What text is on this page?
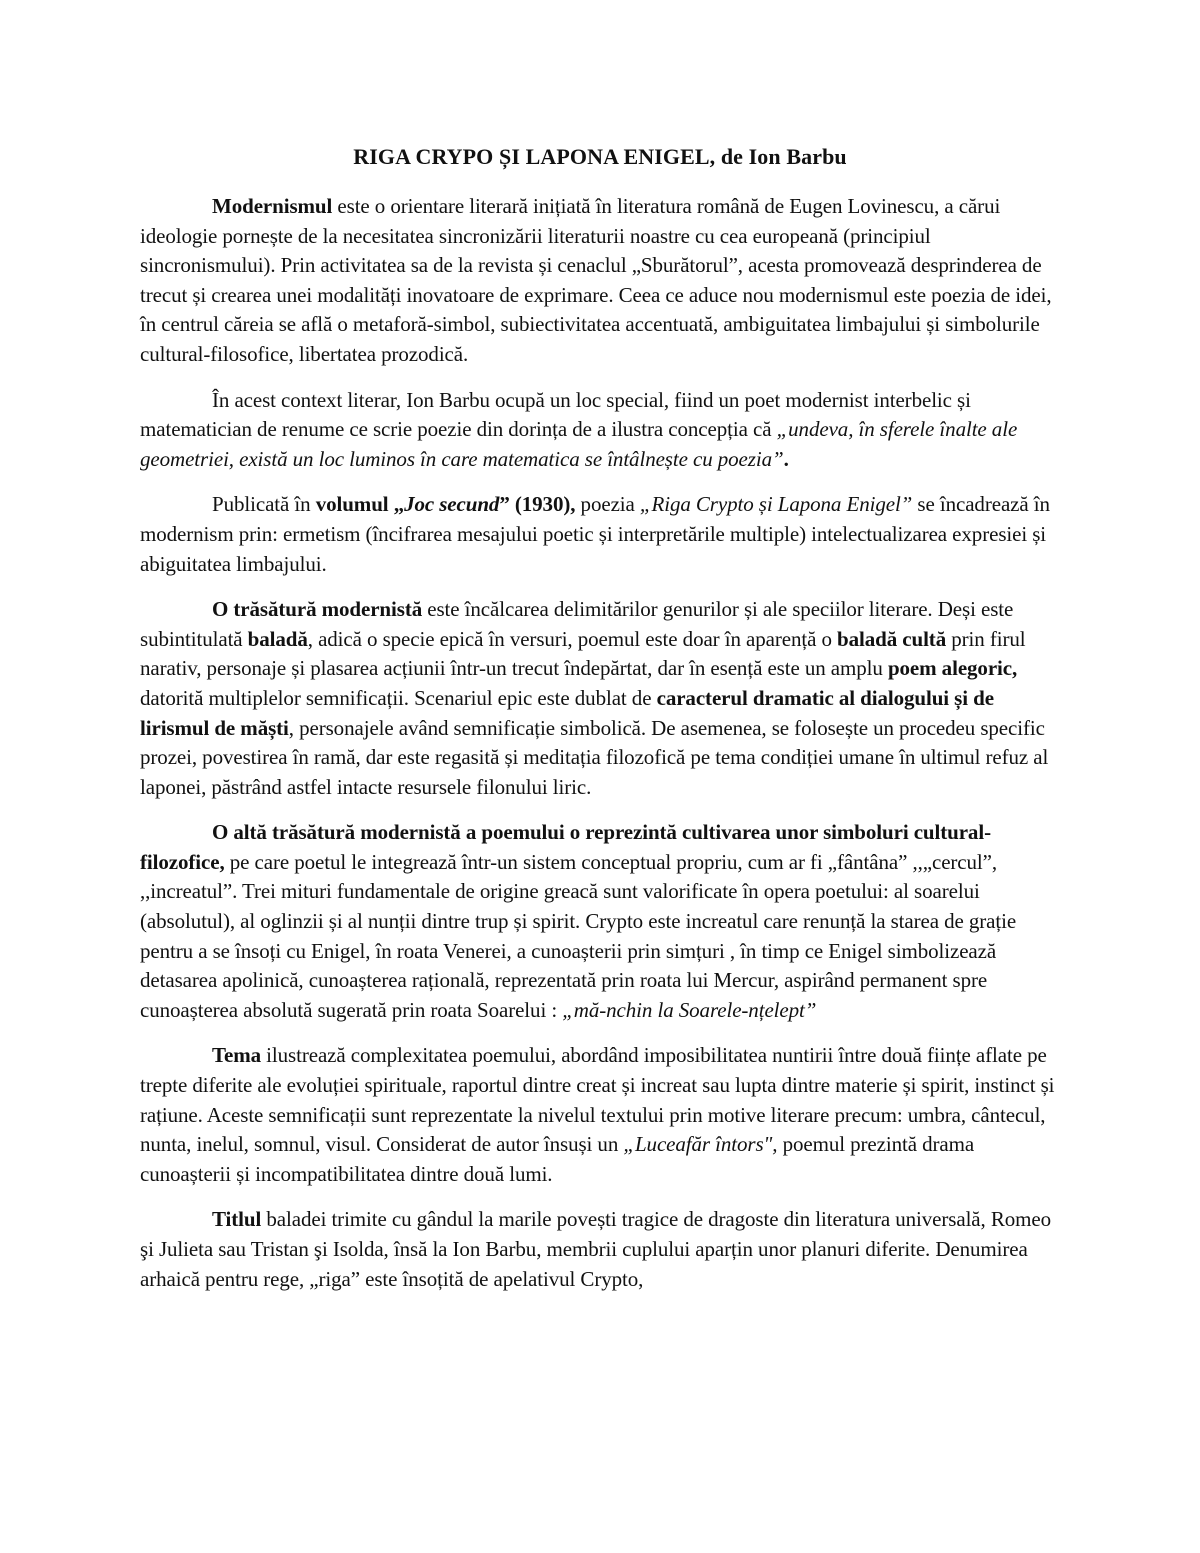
RIGA CRYPO ȘI LAPONA ENIGEL, de Ion Barbu

Modernismul este o orientare literară inițiată în literatura română de Eugen Lovinescu, a cărui ideologie pornește de la necesitatea sincronizării literaturii noastre cu cea europeană (principiul sincronismului). Prin activitatea sa de la revista și cenaclul „Sburătorul”, acesta promovează desprinderea de trecut și crearea unei modalități inovatoare de exprimare. Ceea ce aduce nou modernismul este poezia de idei, în centrul căreia se află o metaforă-simbol, subiectivitatea accentuată, ambiguitatea limbajului și simbolurile cultural-filosofice, libertatea prozodică.

În acest context literar, Ion Barbu ocupă un loc special, fiind un poet modernist interbelic și matematician de renume ce scrie poezie din dorința de a ilustra concepția că „undeva, în sferele înalte ale geometriei, există un loc luminos în care matematica se întâlnește cu poezia”.

Publicată în volumul „Joc secund” (1930), poezia „Riga Crypto și Lapona Enigel” se încadrează în modernism prin: ermetism (încifrarea mesajului poetic și interpretările multiple) intelectualizarea expresiei și abiguitatea limbajului.

O trăsătură modernistă este încălcarea delimitărilor genurilor și ale speciilor literare. Deși este subintitulată baladă, adică o specie epică în versuri, poemul este doar în aparență o baladă cultă prin firul narativ, personaje și plasarea acțiunii într-un trecut îndepărtat, dar în esență este un amplu poem alegoric, datorită multiplelor semnificații. Scenariul epic este dublat de caracterul dramatic al dialogului și de lirismul de măști, personajele având semnificație simbolică. De asemenea, se folosește un procedeu specific prozei, povestirea în ramă, dar este regasită și meditația filozofică pe tema condiției umane în ultimul refuz al laponei, păstrând astfel intacte resursele filonului liric.

O altă trăsătură modernistă a poemului o reprezintă cultivarea unor simboluri cultural-filozofice, pe care poetul le integrează într-un sistem conceptual propriu, cum ar fi „fântâna” ,,„cercul”, ,,increatul”. Trei mituri fundamentale de origine greacă sunt valorificate în opera poetului: al soarelui (absolutul), al oglinzii și al nunții dintre trup și spirit. Crypto este increatul care renunță la starea de grație pentru a se însoți cu Enigel, în roata Venerei, a cunoașterii prin simțuri , în timp ce Enigel simbolizează detasarea apolinică, cunoașterea rațională, reprezentată prin roata lui Mercur, aspirând permanent spre cunoașterea absolută sugerată prin roata Soarelui : „mă-nchin la Soarele-nțelept”

Tema ilustrează complexitatea poemului, abordând imposibilitatea nuntirii între două ființe aflate pe trepte diferite ale evoluției spirituale, raportul dintre creat și increat sau lupta dintre materie și spirit, instinct și rațiune. Aceste semnificații sunt reprezentate la nivelul textului prin motive literare precum: umbra, cântecul, nunta, inelul, somnul, visul. Considerat de autor însuși un „Luceafăr întors", poemul prezintă drama cunoașterii și incompatibilitatea dintre două lumi.

Titlul baladei trimite cu gândul la marile povești tragice de dragoste din literatura universală, Romeo şi Julieta sau Tristan şi Isolda, însă la Ion Barbu, membrii cuplului aparțin unor planuri diferite. Denumirea arhaică pentru rege, „riga” este însoțită de apelativul Crypto,
